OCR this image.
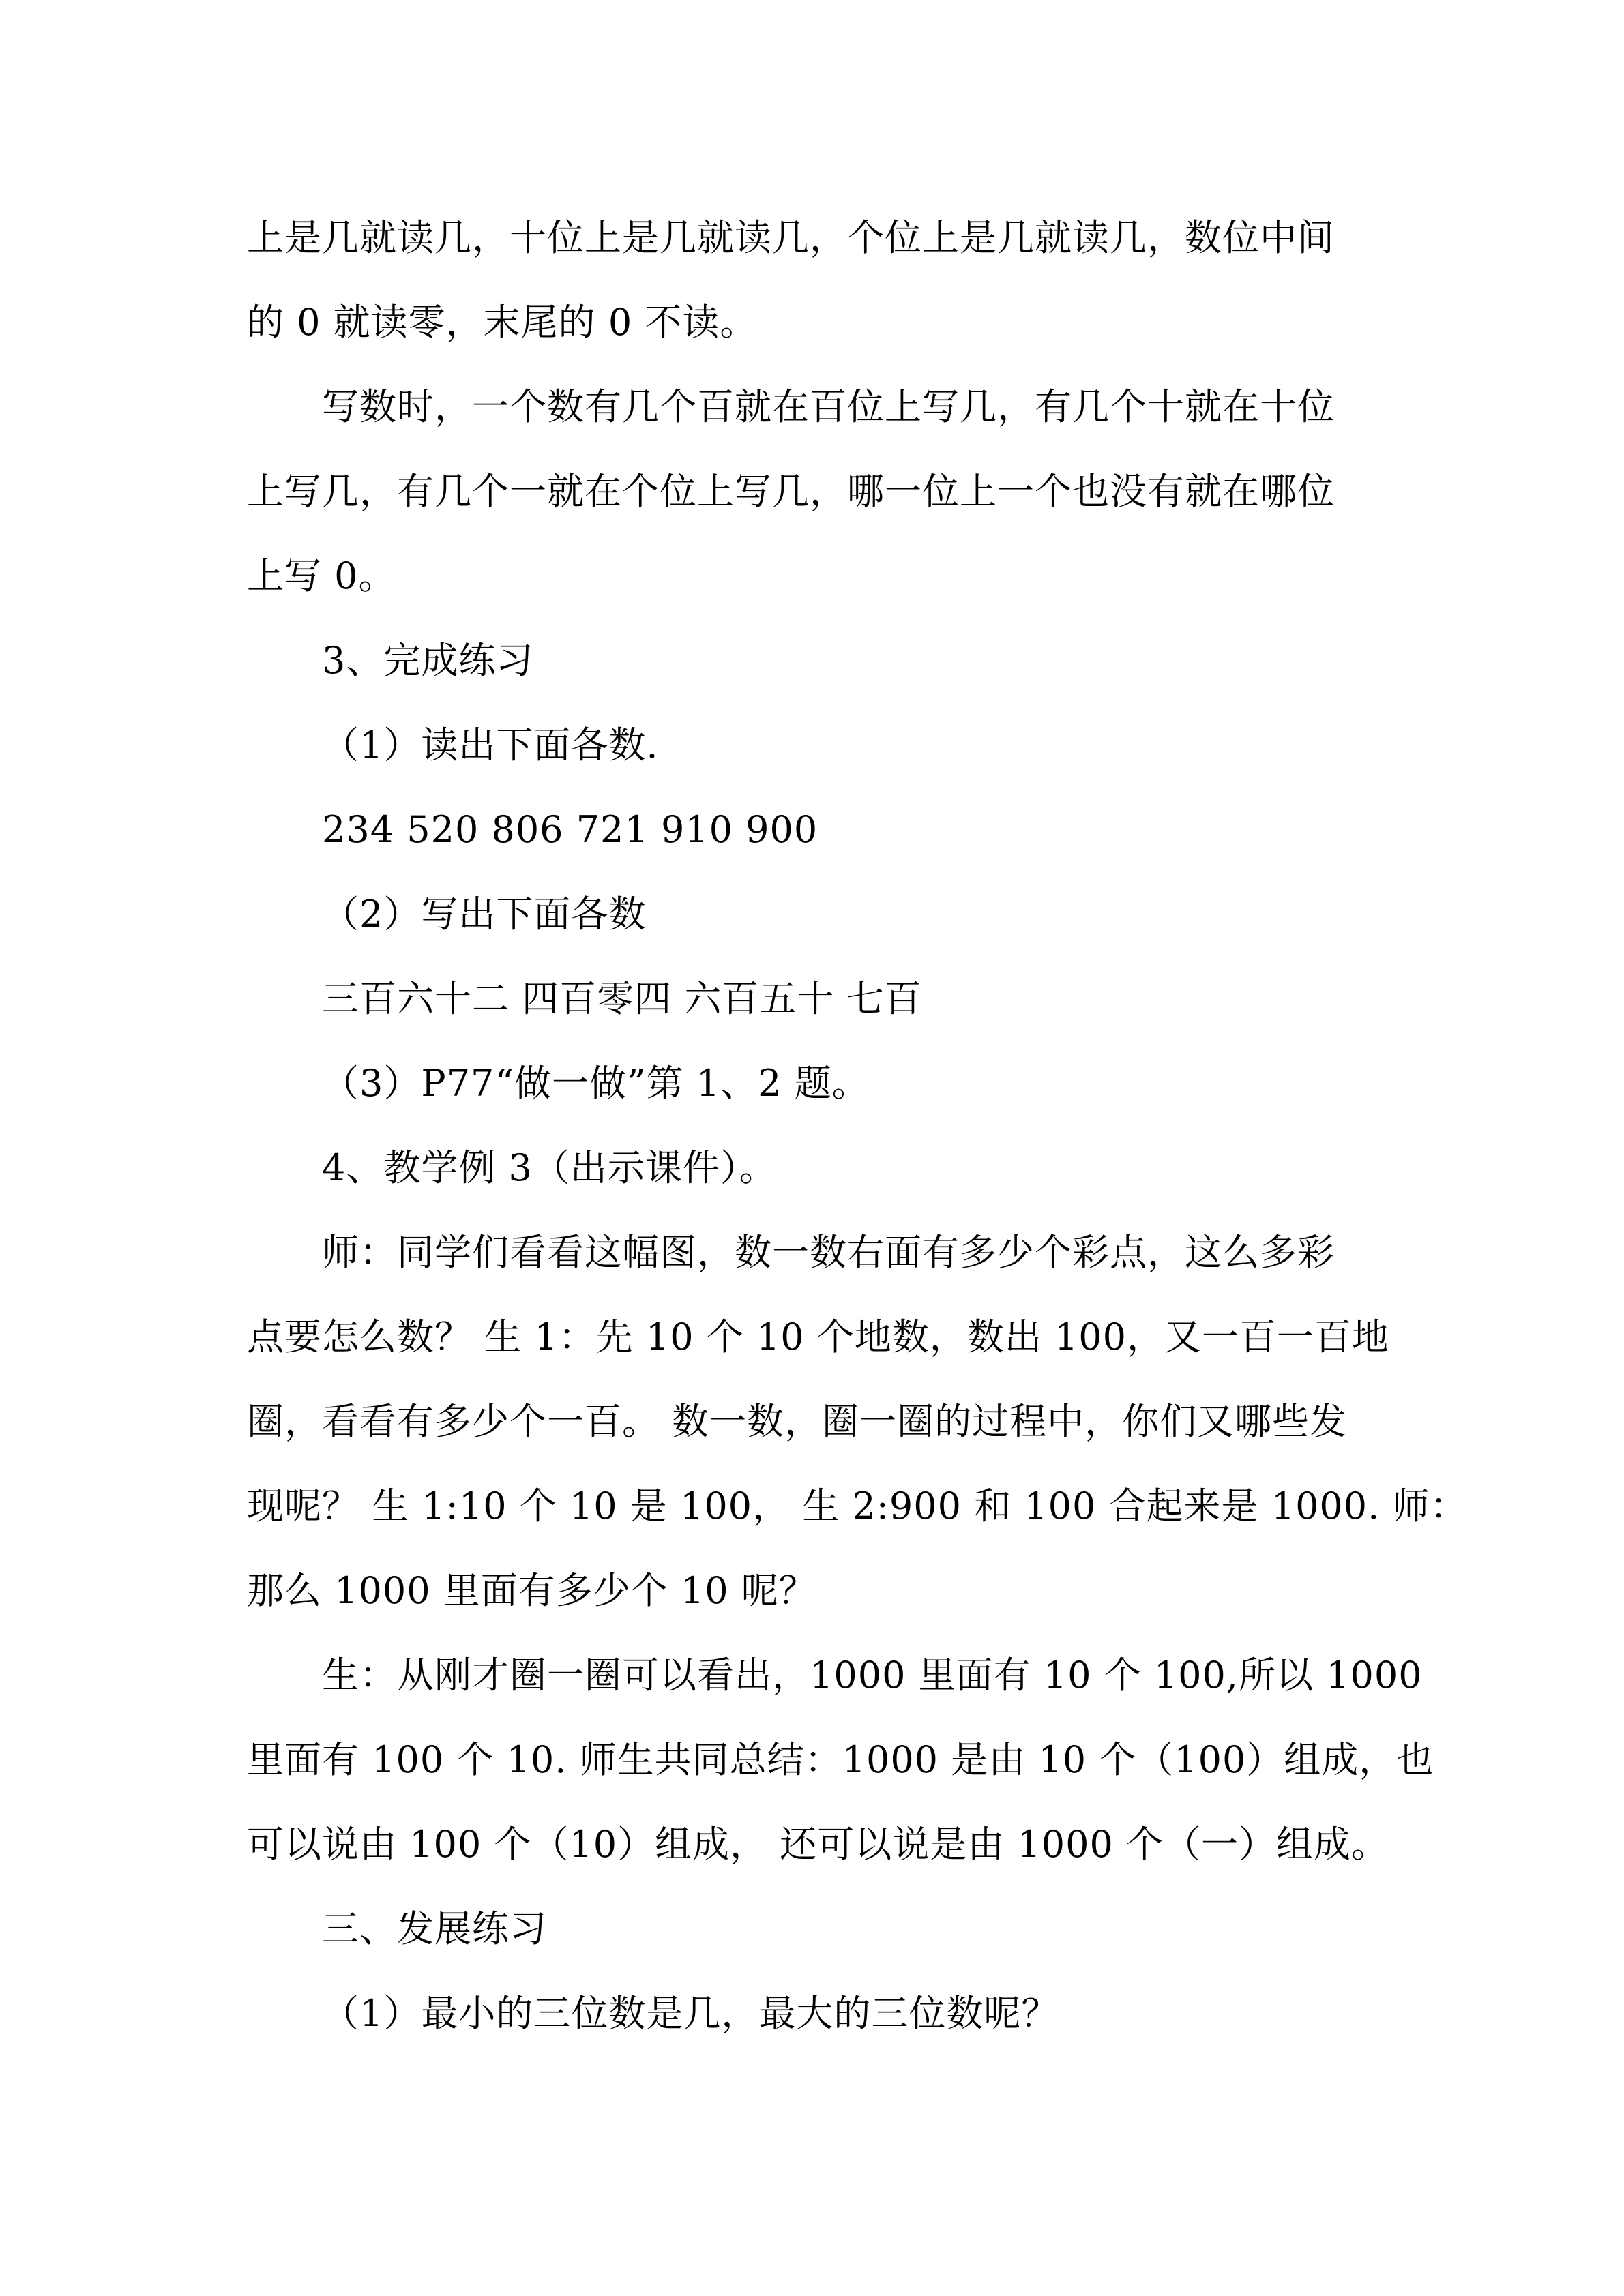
上是几就读几，十位上是几就读几，个位上是几就读几，数位中间
的 0 就读零，末尾的 0 不读。
写数时，一个数有几个百就在百位上写几，有几个十就在十位
上写几，有几个一就在个位上写几，哪一位上一个也没有就在哪位
上写 0。
3、完成练习
（1）读出下面各数.
234 520 806 721 910 900
（2）写出下面各数
三百六十二 四百零四 六百五十 七百
（3）P77“做一做”第 1、2 题。
4、教学例 3（出示课件）。
师：同学们看看这幅图，数一数右面有多少个彩点，这么多彩
点要怎么数？ 生 1：先 10 个 10 个地数，数出 100，又一百一百地
圈，看看有多少个一百。 数一数，圈一圈的过程中，你们又哪些发
现呢？ 生 1:10 个 10 是 100， 生 2:900 和 100 合起来是 1000. 师：
那么 1000 里面有多少个 10 呢？
生：从刚才圈一圈可以看出，1000 里面有 10 个 100,所以 1000
里面有 100 个 10. 师生共同总结：1000 是由 10 个（100）组成，也
可以说由 100 个（10）组成， 还可以说是由 1000 个（一）组成。
三、发展练习
（1）最小的三位数是几，最大的三位数呢？
